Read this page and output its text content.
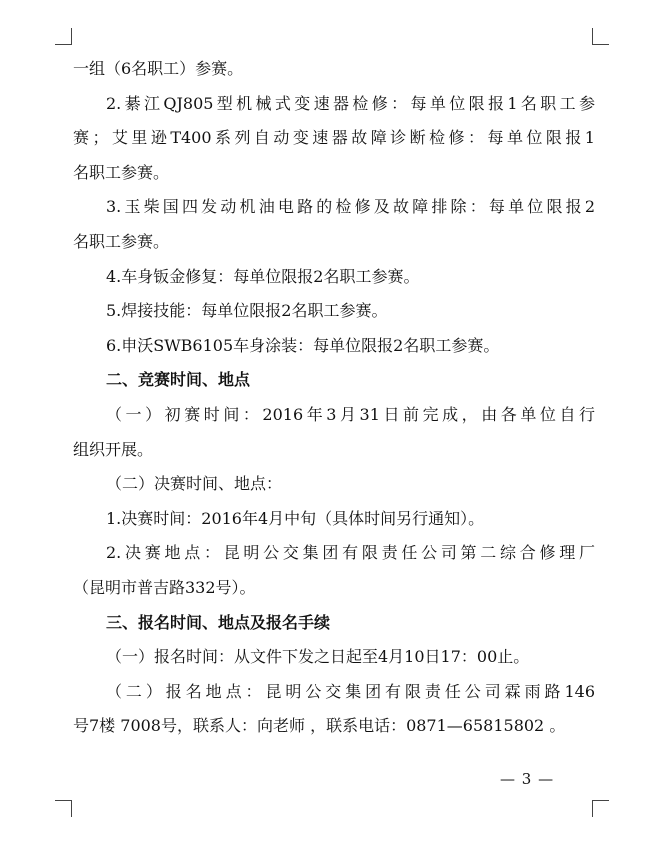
一组（6名职工）参赛。
2.綦江QJ805型机械式变速器检修：每单位限报1名职工参
赛；艾里逊T400系列自动变速器故障诊断检修：每单位限报1
名职工参赛。
3.玉柴国四发动机油电路的检修及故障排除：每单位限报2
名职工参赛。
4.车身钣金修复：每单位限报2名职工参赛。
5.焊接技能：每单位限报2名职工参赛。
6.申沃SWB6105车身涂装：每单位限报2名职工参赛。
二、竞赛时间、地点
（一）初赛时间：2016年3月31日前完成，由各单位自行
组织开展。
（二）决赛时间、地点：
1.决赛时间：2016年4月中旬（具体时间另行通知）。
2.决赛地点：昆明公交集团有限责任公司第二综合修理厂
（昆明市普吉路332号）。
三、报名时间、地点及报名手续
（一）报名时间：从文件下发之日起至4月10日17：00止。
（二）报名地点：昆明公交集团有限责任公司霖雨路146
号7楼 7008号，联系人：向老师 ，联系电话：0871—65815802 。
— 3 —
